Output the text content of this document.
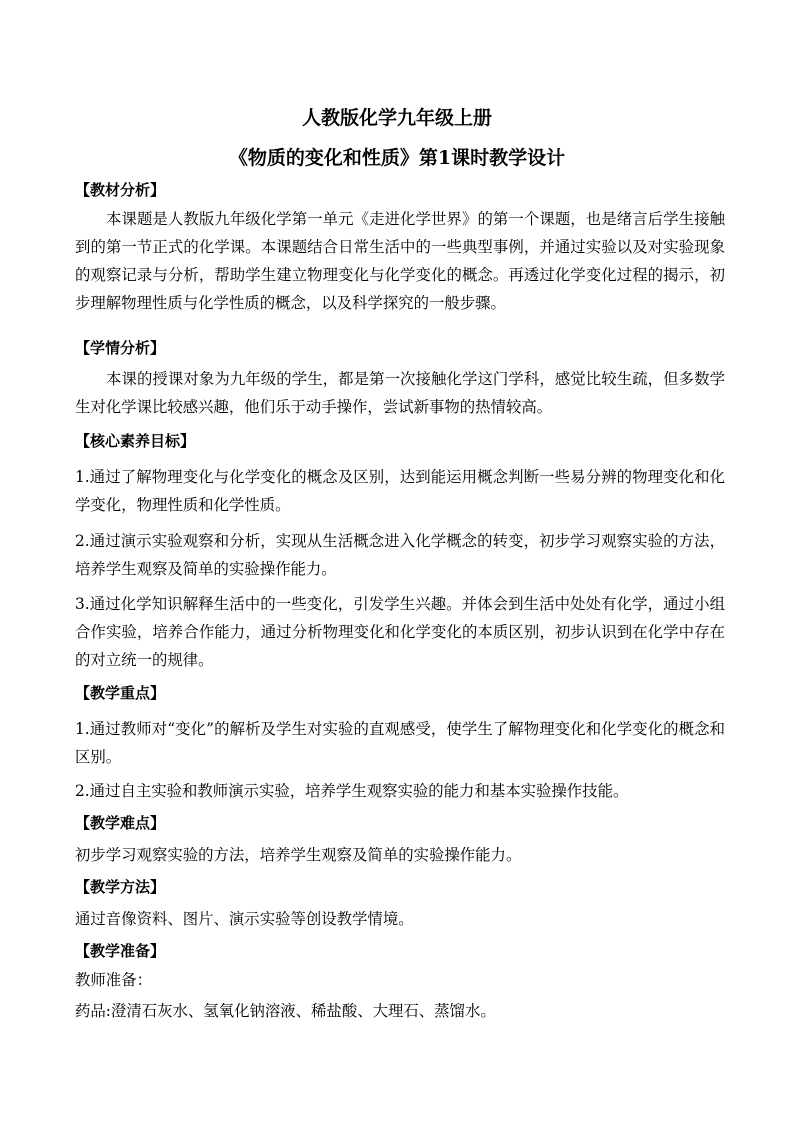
人教版化学九年级上册
《物质的变化和性质》第1课时教学设计
【教材分析】
本课题是人教版九年级化学第一单元《走进化学世界》的第一个课题，也是绪言后学生接触到的第一节正式的化学课。本课题结合日常生活中的一些典型事例，并通过实验以及对实验现象的观察记录与分析，帮助学生建立物理变化与化学变化的概念。再透过化学变化过程的揭示，初步理解物理性质与化学性质的概念，以及科学探究的一般步骤。
【学情分析】
本课的授课对象为九年级的学生，都是第一次接触化学这门学科，感觉比较生疏，但多数学生对化学课比较感兴趣，他们乐于动手操作，尝试新事物的热情较高。
【核心素养目标】
1.通过了解物理变化与化学变化的概念及区别，达到能运用概念判断一些易分辨的物理变化和化学变化，物理性质和化学性质。
2.通过演示实验观察和分析，实现从生活概念进入化学概念的转变，初步学习观察实验的方法，培养学生观察及简单的实验操作能力。
3.通过化学知识解释生活中的一些变化，引发学生兴趣。并体会到生活中处处有化学，通过小组合作实验，培养合作能力，通过分析物理变化和化学变化的本质区别，初步认识到在化学中存在的对立统一的规律。
【教学重点】
1.通过教师对“变化”的解析及学生对实验的直观感受，使学生了解物理变化和化学变化的概念和区别。
2.通过自主实验和教师演示实验，培养学生观察实验的能力和基本实验操作技能。
【教学难点】
初步学习观察实验的方法，培养学生观察及简单的实验操作能力。
【教学方法】
通过音像资料、图片、演示实验等创设教学情境。
【教学准备】
教师准备：
药品:澄清石灰水、氢氧化钠溶液、稀盐酸、大理石、蒸馏水。
